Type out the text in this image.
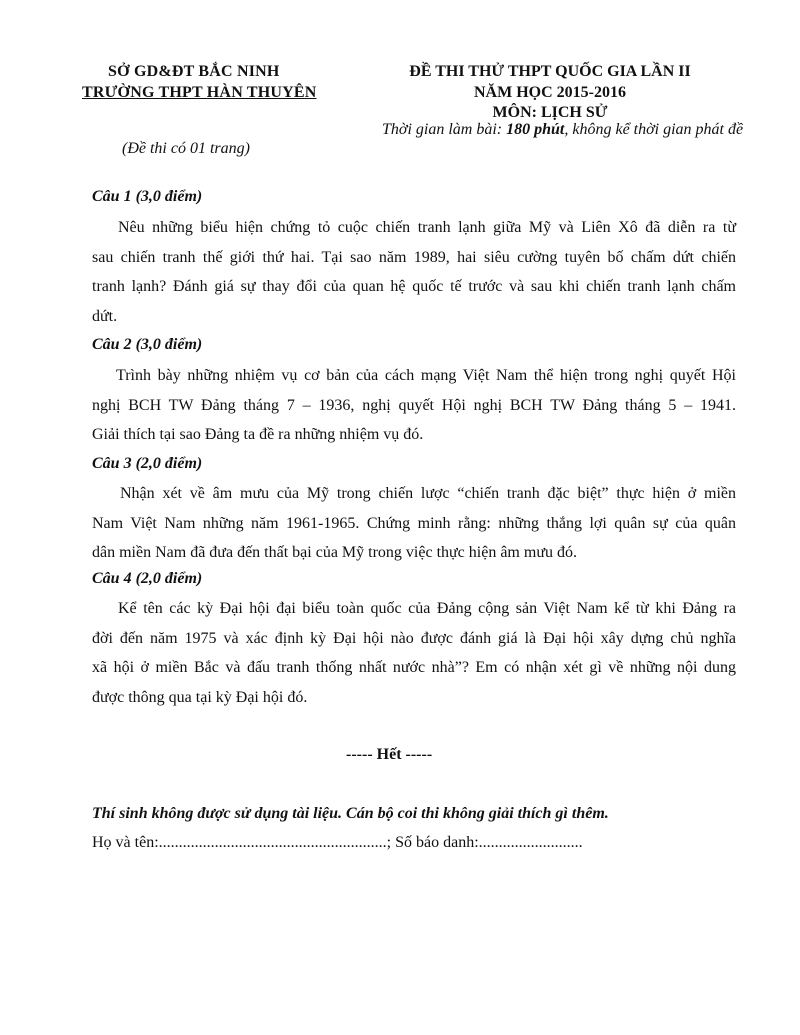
SỞ GD&ĐT BẮC NINH
TRƯỜNG THPT HÀN THUYÊN
(Đề thi có 01 trang)
ĐỀ THI THỬ THPT QUỐC GIA LẦN II
NĂM HỌC 2015-2016
MÔN: LỊCH SỬ
Thời gian làm bài: 180 phút, không kể thời gian phát đề
Câu 1 (3,0 điểm)
Nêu những biểu hiện chứng tỏ cuộc chiến tranh lạnh giữa Mỹ và Liên Xô đã diễn ra từ
sau chiến tranh thế giới thứ hai. Tại sao năm 1989, hai siêu cường tuyên bố chấm dứt chiến
tranh lạnh? Đánh giá sự thay đổi của quan hệ quốc tế trước và sau khi chiến tranh lạnh chấm
dứt.
Câu 2 (3,0 điểm)
Trình bày những nhiệm vụ cơ bản của cách mạng Việt Nam thể hiện trong nghị quyết Hội
nghị BCH TW Đảng tháng 7 – 1936, nghị quyết Hội nghị BCH TW Đảng tháng 5 – 1941.
Giải thích tại sao Đảng ta đề ra những nhiệm vụ đó.
Câu 3 (2,0 điểm)
Nhận xét về âm mưu của Mỹ trong chiến lược “chiến tranh đặc biệt” thực hiện ở miền
Nam Việt Nam những năm 1961-1965. Chứng minh rằng: những thắng lợi quân sự của quân
dân miền Nam đã đưa đến thất bại của Mỹ trong việc thực hiện âm mưu đó.
Câu 4 (2,0 điểm)
Kể tên các kỳ Đại hội đại biểu toàn quốc của Đảng cộng sản Việt Nam kể từ khi Đảng ra
đời đến năm 1975 và xác định kỳ Đại hội nào được đánh giá là Đại hội xây dựng chủ nghĩa
xã hội ở miền Bắc và đấu tranh thống nhất nước nhà”? Em có nhận xét gì về những nội dung
được thông qua tại kỳ Đại hội đó.
----- Hết -----
Thí sinh không được sử dụng tài liệu. Cán bộ coi thi không giải thích gì thêm.
Họ và tên:.........................................................; Số báo danh:..........................
